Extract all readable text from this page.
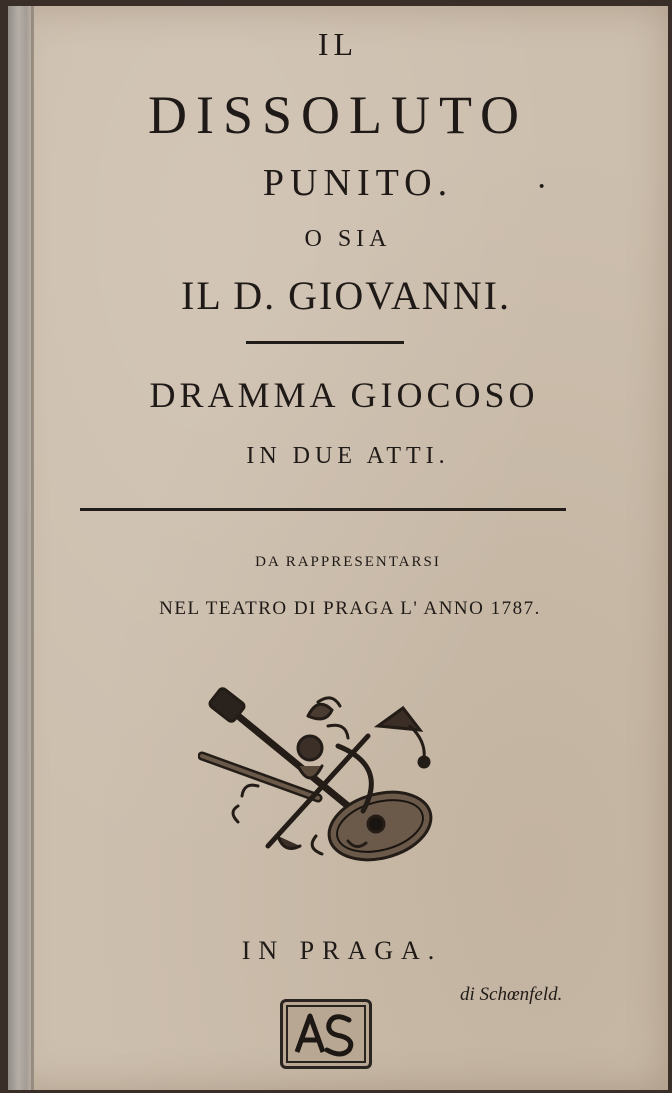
IL
DISSOLUTO
PUNITO.	·
O SIA
IL D. GIOVANNI.
DRAMMA GIOCOSO
IN DUE ATTI.
DA RAPPRESENTARSI
NEL TEATRO DI PRAGA L' ANNO 1787.
IN PRAGA.
di Schœnfeld.
